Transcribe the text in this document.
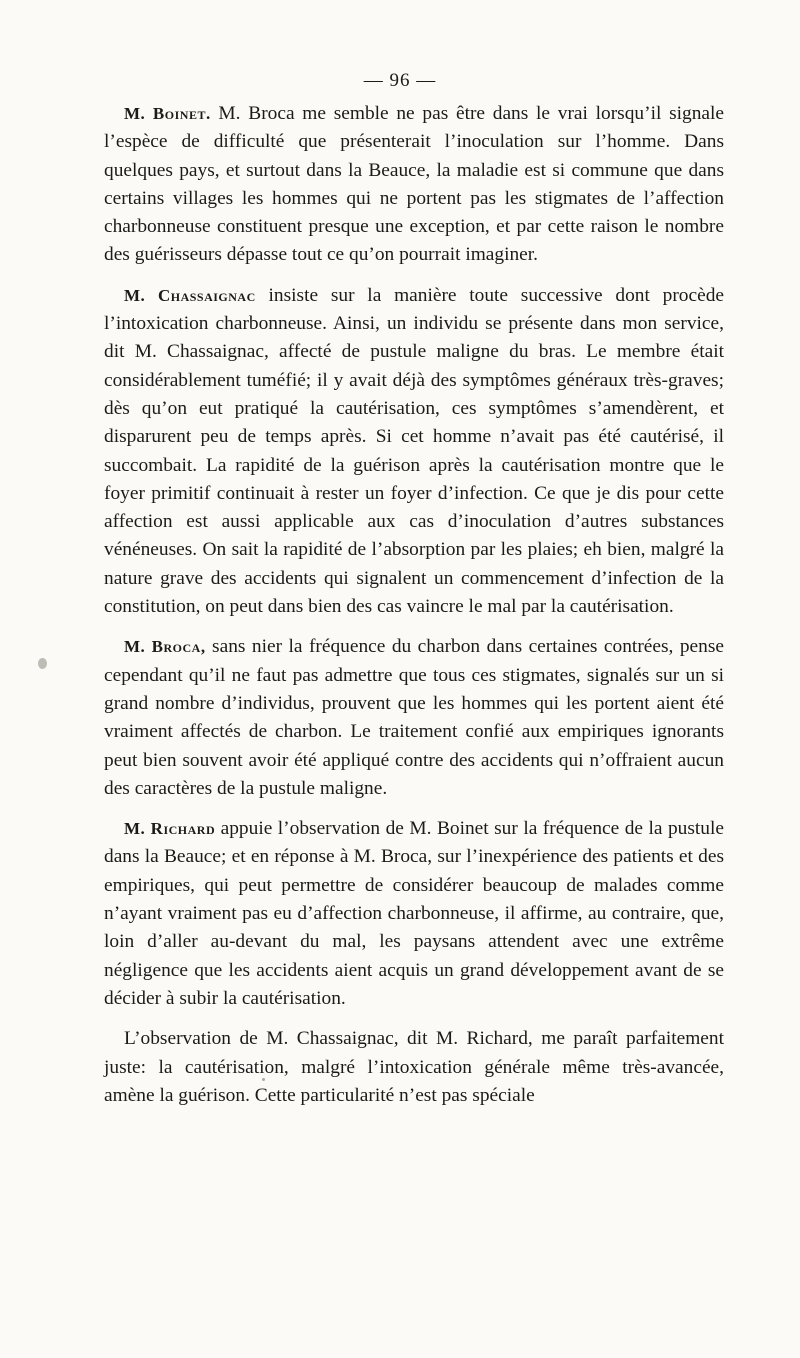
— 96 —

M. Boinet. M. Broca me semble ne pas être dans le vrai lorsqu’il signale l’espèce de difficulté que présenterait l’inoculation sur l’homme. Dans quelques pays, et surtout dans la Beauce, la maladie est si commune que dans certains villages les hommes qui ne portent pas les stigmates de l’affection charbonneuse constituent presque une exception, et par cette raison le nombre des guérisseurs dépasse tout ce qu’on pourrait imaginer.

M. Chassaignac insiste sur la manière toute successive dont procède l’intoxication charbonneuse. Ainsi, un individu se présente dans mon service, dit M. Chassaignac, affecté de pustule maligne du bras. Le membre était considérablement tuméfié; il y avait déjà des symptômes généraux très-graves; dès qu’on eut pratiqué la cautérisation, ces symptômes s’amendèrent, et disparurent peu de temps après. Si cet homme n’avait pas été cautérisé, il succombait. La rapidité de la guérison après la cautérisation montre que le foyer primitif continuait à rester un foyer d’infection. Ce que je dis pour cette affection est aussi applicable aux cas d’inoculation d’autres substances vénéneuses. On sait la rapidité de l’absorption par les plaies; eh bien, malgré la nature grave des accidents qui signalent un commencement d’infection de la constitution, on peut dans bien des cas vaincre le mal par la cautérisation.

M. Broca, sans nier la fréquence du charbon dans certaines contrées, pense cependant qu’il ne faut pas admettre que tous ces stigmates, signalés sur un si grand nombre d’individus, prouvent que les hommes qui les portent aient été vraiment affectés de charbon. Le traitement confié aux empiriques ignorants peut bien souvent avoir été appliqué contre des accidents qui n’offraient aucun des caractères de la pustule maligne.

M. Richard appuie l’observation de M. Boinet sur la fréquence de la pustule dans la Beauce; et en réponse à M. Broca, sur l’inexpérience des patients et des empiriques, qui peut permettre de considérer beaucoup de malades comme n’ayant vraiment pas eu d’affection charbonneuse, il affirme, au contraire, que, loin d’aller au-devant du mal, les paysans attendent avec une extrême négligence que les accidents aient acquis un grand développement avant de se décider à subir la cautérisation.

L’observation de M. Chassaignac, dit M. Richard, me paraît parfaitement juste: la cautérisation, malgré l’intoxication générale même très-avancée, amène la guérison. Cette particularité n’est pas spéciale
